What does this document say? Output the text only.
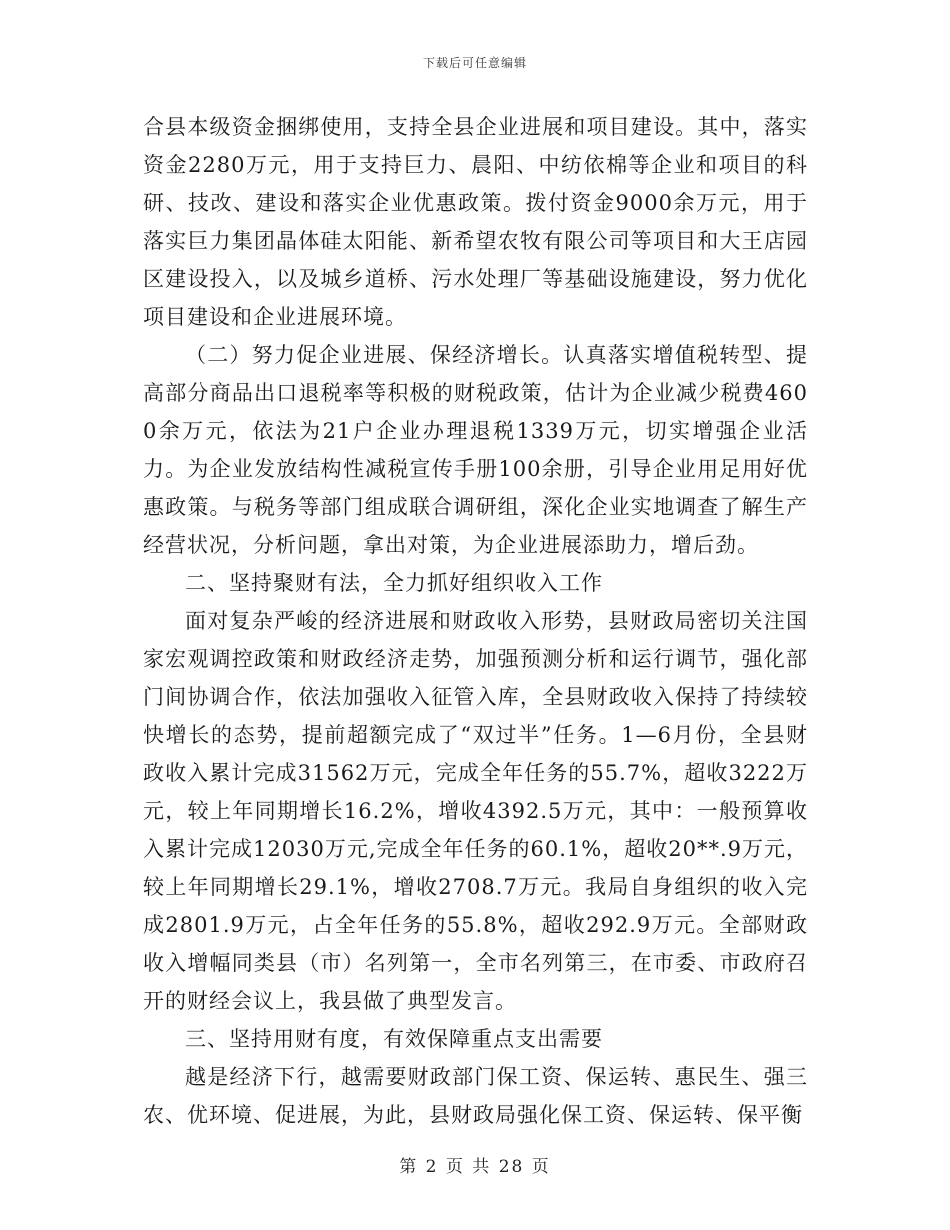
下载后可任意编辑

合县本级资金捆绑使用，支持全县企业进展和项目建设。其中，落实资金2280万元，用于支持巨力、晨阳、中纺依棉等企业和项目的科研、技改、建设和落实企业优惠政策。拨付资金9000余万元，用于落实巨力集团晶体硅太阳能、新希望农牧有限公司等项目和大王店园区建设投入，以及城乡道桥、污水处理厂等基础设施建设，努力优化项目建设和企业进展环境。

（二）努力促企业进展、保经济增长。认真落实增值税转型、提高部分商品出口退税率等积极的财税政策，估计为企业减少税费4600余万元，依法为21户企业办理退税1339万元，切实增强企业活力。为企业发放结构性减税宣传手册100余册，引导企业用足用好优惠政策。与税务等部门组成联合调研组，深化企业实地调查了解生产经营状况，分析问题，拿出对策，为企业进展添助力，增后劲。

二、坚持聚财有法，全力抓好组织收入工作

面对复杂严峻的经济进展和财政收入形势，县财政局密切关注国家宏观调控政策和财政经济走势，加强预测分析和运行调节，强化部门间协调合作，依法加强收入征管入库，全县财政收入保持了持续较快增长的态势，提前超额完成了“双过半”任务。1—6月份，全县财政收入累计完成31562万元，完成全年任务的55.7%，超收3222万元，较上年同期增长16.2%，增收4392.5万元，其中：一般预算收入累计完成12030万元,完成全年任务的60.1%，超收20**.9万元，较上年同期增长29.1%，增收2708.7万元。我局自身组织的收入完成2801.9万元，占全年任务的55.8%，超收292.9万元。全部财政收入增幅同类县（市）名列第一，全市名列第三，在市委、市政府召开的财经会议上，我县做了典型发言。

三、坚持用财有度，有效保障重点支出需要

越是经济下行，越需要财政部门保工资、保运转、惠民生、强三农、优环境、促进展，为此，县财政局强化保工资、保运转、保平衡

第 2 页 共 28 页
